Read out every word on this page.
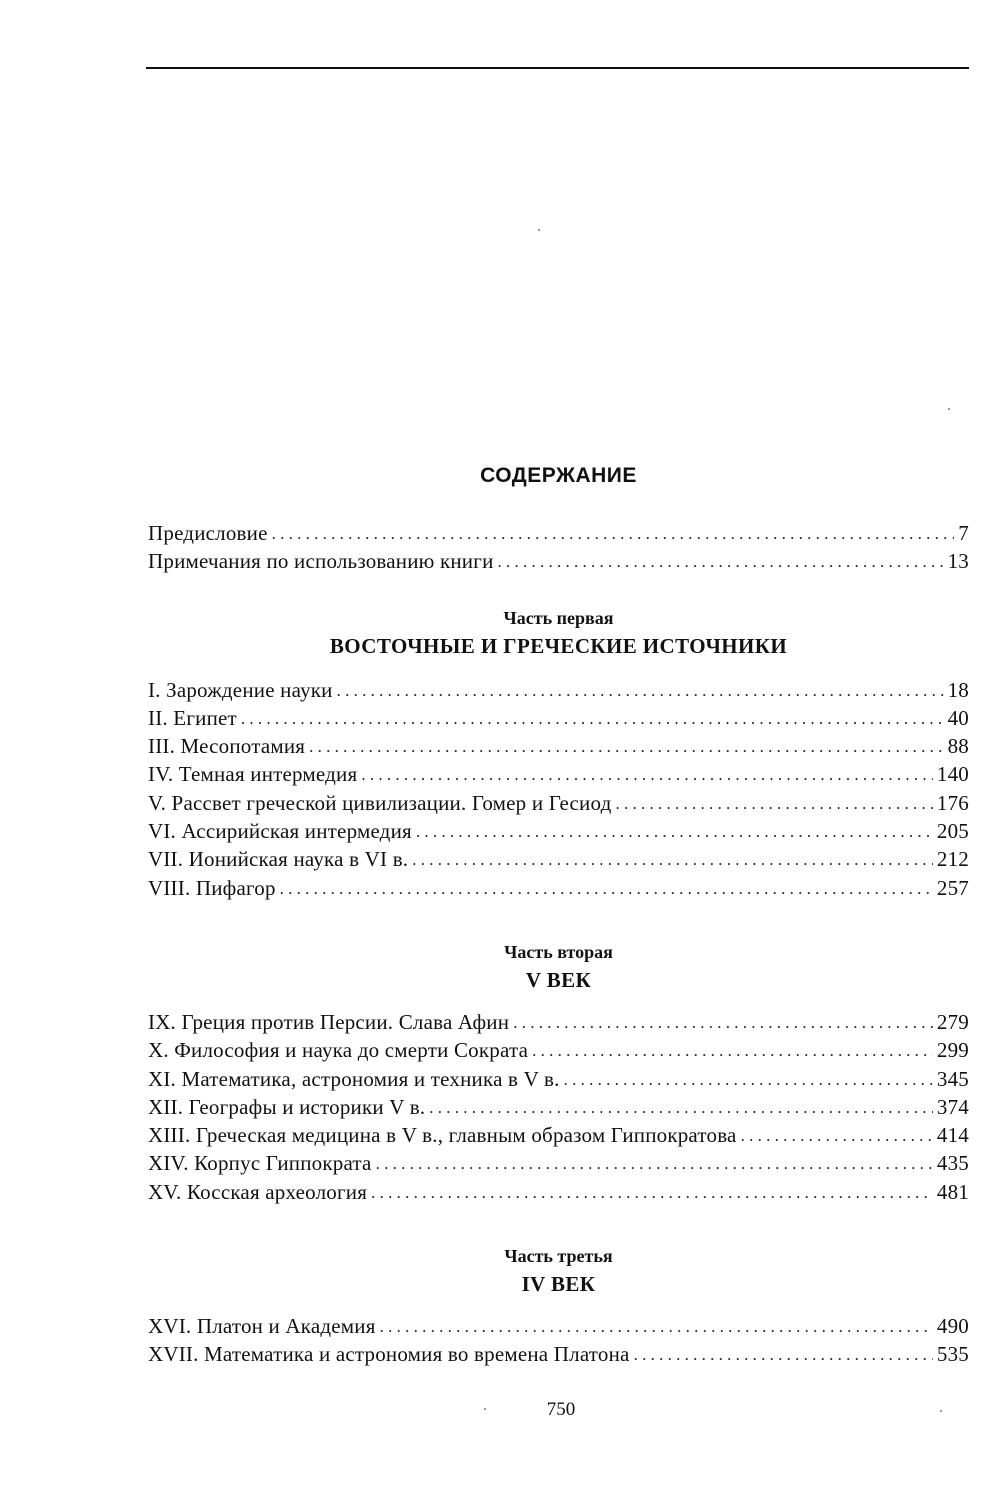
СОДЕРЖАНИЕ
Предисловие . . .	7
Примечания по использованию книги . . .	13
Часть первая
ВОСТОЧНЫЕ И ГРЕЧЕСКИЕ ИСТОЧНИКИ
I. Зарождение науки . . .	18
II. Египет . . .	40
III. Месопотамия . . .	88
IV. Темная интермедия . . .	140
V. Рассвет греческой цивилизации. Гомер и Гесиод . . .	176
VI. Ассирийская интермедия . . .	205
VII. Ионийская наука в VI в. . . .	212
VIII. Пифагор . . .	257
Часть вторая
V ВЕК
IX. Греция против Персии. Слава Афин . . .	279
X. Философия и наука до смерти Сократа . . .	299
XI. Математика, астрономия и техника в V в. . . .	345
XII. Географы и историки V в. . . .	374
XIII. Греческая медицина в V в., главным образом Гиппократова . . .	414
XIV. Корпус Гиппократа . . .	435
XV. Косская археология . . .	481
Часть третья
IV ВЕК
XVI. Платон и Академия . . .	490
XVII. Математика и астрономия во времена Платона . . .	535
750
